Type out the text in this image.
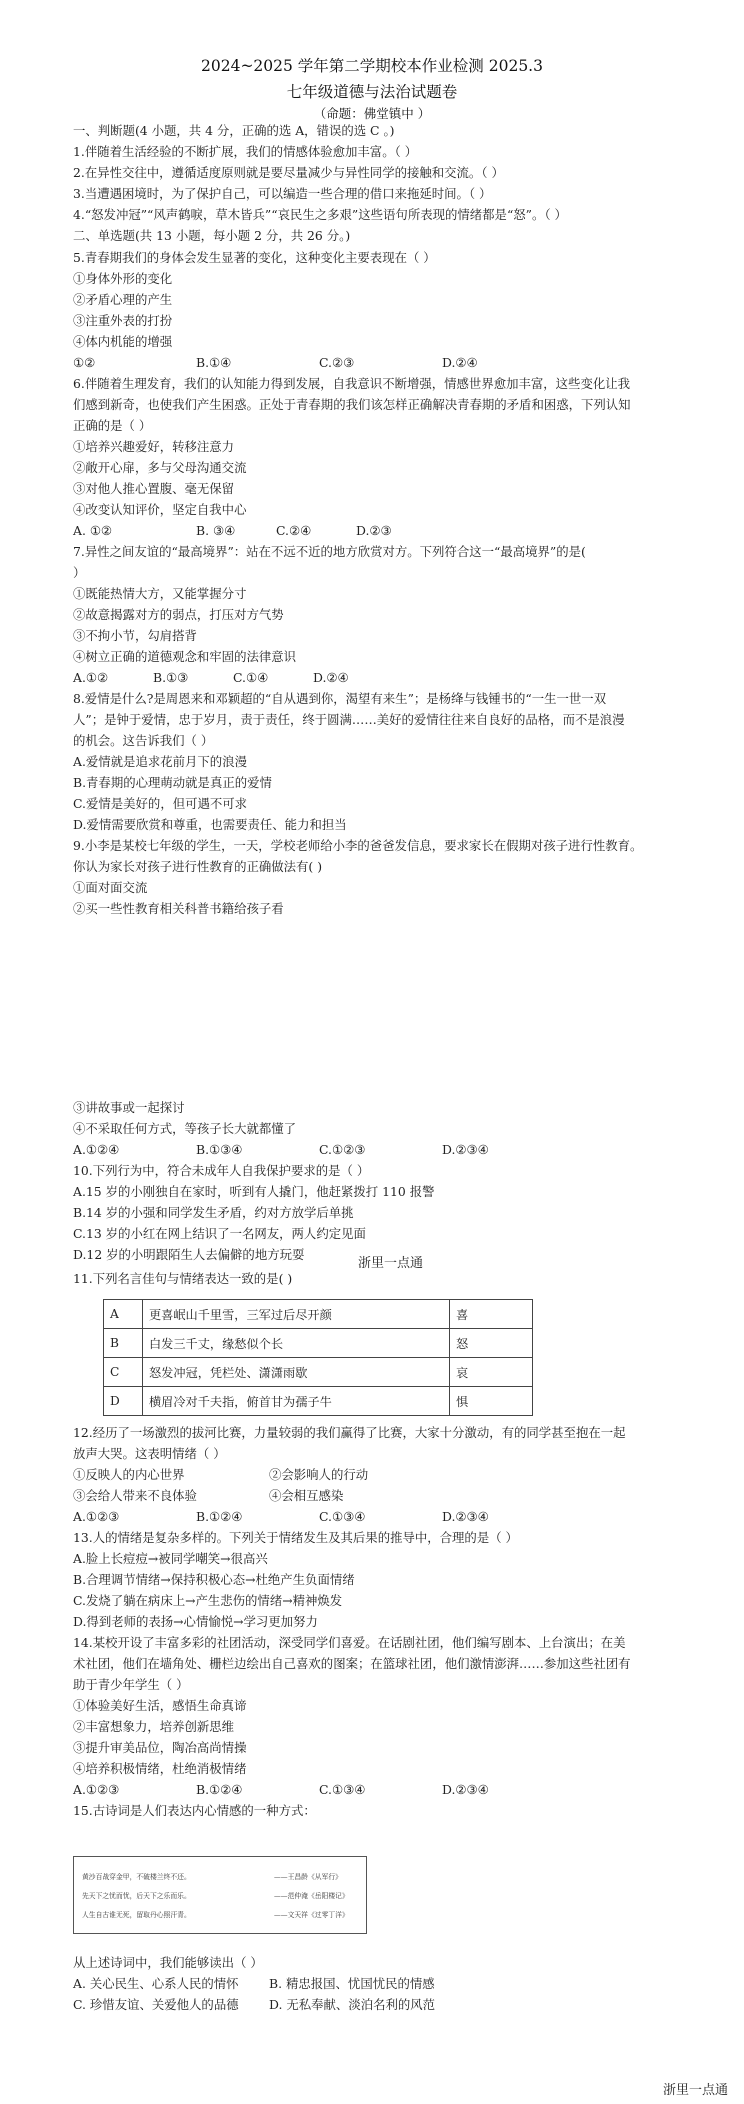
2024~2025 学年第二学期校本作业检测 2025.3
七年级道德与法治试题卷
（命题：佛堂镇中 ）
一、判断题(4 小题，共 4 分，正确的选 A，错误的选 C 。)
1.伴随着生活经验的不断扩展，我们的情感体验愈加丰富。（ ）
2.在异性交往中，遵循适度原则就是要尽量减少与异性同学的接触和交流。（ ）
3.当遭遇困境时，为了保护自己，可以编造一些合理的借口来拖延时间。（ ）
4.“怒发冲冠”“风声鹤唳，草木皆兵”“哀民生之多艰”这些语句所表现的情绪都是“怒”。（ ）
二、单选题(共 13 小题，每小题 2 分，共 26 分。)
5.青春期我们的身体会发生显著的变化，这种变化主要表现在（ ）
①身体外形的变化
②矛盾心理的产生
③注重外表的打扮
④体内机能的增强
①②	B.①④	C.②③	D.②④
6.伴随着生理发育，我们的认知能力得到发展，自我意识不断增强，情感世界愈加丰富，这些变化让我
们感到新奇，也使我们产生困惑。正处于青春期的我们该怎样正确解决青春期的矛盾和困惑，下列认知
正确的是（ ）
①培养兴趣爱好，转移注意力
②敞开心扉，多与父母沟通交流
③对他人推心置腹、毫无保留
④改变认知评价，坚定自我中心
A. ①②	B. ③④	C.②④	D.②③
7.异性之间友谊的“最高境界”：站在不远不近的地方欣赏对方。下列符合这一“最高境界”的是(
）
①既能热情大方，又能掌握分寸
②故意揭露对方的弱点，打压对方气势
③不拘小节，勾肩搭背
④树立正确的道德观念和牢固的法律意识
A.①②	B.①③	C.①④	D.②④
8.爱情是什么?是周恩来和邓颖超的“自从遇到你，渴望有来生”；是杨绛与钱锺书的“一生一世一双
人”；是钟于爱情，忠于岁月，责于责任，终于圆满……美好的爱情往往来自良好的品格，而不是浪漫
的机会。这告诉我们（ ）
A.爱情就是追求花前月下的浪漫
B.青春期的心理萌动就是真正的爱情
C.爱情是美好的，但可遇不可求
D.爱情需要欣赏和尊重，也需要责任、能力和担当
9.小李是某校七年级的学生，一天，学校老师给小李的爸爸发信息，要求家长在假期对孩子进行性教育。
你认为家长对孩子进行性教育的正确做法有( )
①面对面交流
②买一些性教育相关科普书籍给孩子看
③讲故事或一起探讨
④不采取任何方式，等孩子长大就都懂了
A.①②④	B.①③④	C.①②③	D.②③④
10.下列行为中，符合未成年人自我保护要求的是（ ）
A.15 岁的小刚独自在家时，听到有人撬门，他赶紧拨打 110 报警
B.14 岁的小强和同学发生矛盾，约对方放学后单挑
C.13 岁的小红在网上结识了一名网友，两人约定见面
D.12 岁的小明跟陌生人去偏僻的地方玩耍
浙里一点通
11.下列名言佳句与情绪表达一致的是( )
A	更喜岷山千里雪，三军过后尽开颜	喜
B	白发三千丈，缘愁似个长	怒
C	怒发冲冠，凭栏处、潇潇雨歇	哀
D	横眉冷对千夫指，俯首甘为孺子牛	惧
12.经历了一场激烈的拔河比赛，力量较弱的我们赢得了比赛，大家十分激动，有的同学甚至抱在一起
放声大哭。这表明情绪（ ）
①反映人的内心世界	②会影响人的行动
③会给人带来不良体验	④会相互感染
A.①②③	B.①②④	C.①③④	D.②③④
13.人的情绪是复杂多样的。下列关于情绪发生及其后果的推导中，合理的是（ ）
A.脸上长痘痘→被同学嘲笑→很高兴
B.合理调节情绪→保持积极心态→杜绝产生负面情绪
C.发烧了躺在病床上→产生悲伤的情绪→精神焕发
D.得到老师的表扬→心情愉悦→学习更加努力
14.某校开设了丰富多彩的社团活动，深受同学们喜爱。在话剧社团，他们编写剧本、上台演出；在美
术社团，他们在墙角处、栅栏边绘出自己喜欢的图案；在篮球社团，他们激情澎湃……参加这些社团有
助于青少年学生（ ）
①体验美好生活，感悟生命真谛
②丰富想象力，培养创新思维
③提升审美品位，陶冶高尚情操
④培养积极情绪，杜绝消极情绪
A.①②③	B.①②④	C.①③④	D.②③④
15.古诗词是人们表达内心情感的一种方式：
黄沙百战穿金甲，不破楼兰终不还。	——王昌龄《从军行》
先天下之忧而忧，后天下之乐而乐。	——范仲淹《岳阳楼记》
人生自古谁无死，留取丹心照汗青。	——文天祥《过零丁洋》
从上述诗词中，我们能够读出（ ）
A. 关心民生、心系人民的情怀 B. 精忠报国、忧国忧民的情感
C. 珍惜友谊、关爱他人的品德 D. 无私奉献、淡泊名利的风范
浙里一点通
